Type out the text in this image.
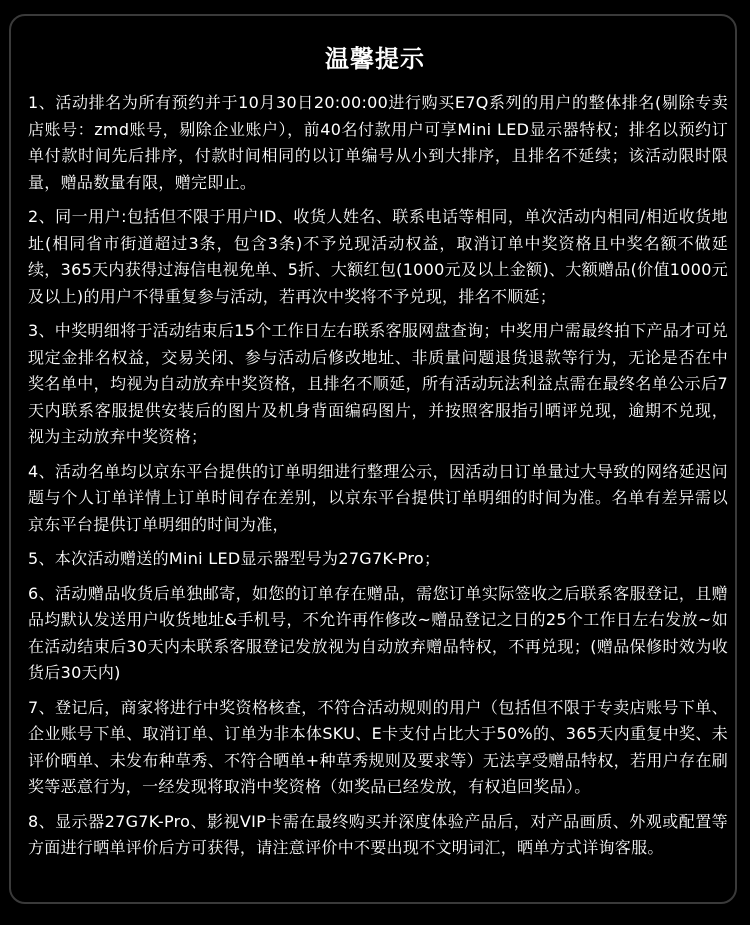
温馨提示
1、活动排名为所有预约并于10月30日20:00:00进行购买E7Q系列的用户的整体排名(剔除专卖店账号：zmd账号，剔除企业账户），前40名付款用户可享Mini LED显示器特权；排名以预约订单付款时间先后排序，付款时间相同的以订单编号从小到大排序，且排名不延续；该活动限时限量，赠品数量有限，赠完即止。
2、同一用户:包括但不限于用户ID、收货人姓名、联系电话等相同，单次活动内相同/相近收货地址(相同省市街道超过3条，包含3条)不予兑现活动权益，取消订单中奖资格且中奖名额不做延续，365天内获得过海信电视免单、5折、大额红包(1000元及以上金额)、大额赠品(价值1000元及以上)的用户不得重复参与活动，若再次中奖将不予兑现，排名不顺延；
3、中奖明细将于活动结束后15个工作日左右联系客服网盘查询；中奖用户需最终拍下产品才可兑现定金排名权益，交易关闭、参与活动后修改地址、非质量问题退货退款等行为，无论是否在中奖名单中，均视为自动放弃中奖资格，且排名不顺延，所有活动玩法利益点需在最终名单公示后7天内联系客服提供安装后的图片及机身背面编码图片，并按照客服指引晒评兑现，逾期不兑现，视为主动放弃中奖资格；
4、活动名单均以京东平台提供的订单明细进行整理公示，因活动日订单量过大导致的网络延迟问题与个人订单详情上订单时间存在差别，以京东平台提供订单明细的时间为准。名单有差异需以京东平台提供订单明细的时间为准，
5、本次活动赠送的Mini LED显示器型号为27G7K-Pro；
6、活动赠品收货后单独邮寄，如您的订单存在赠品，需您订单实际签收之后联系客服登记，且赠品均默认发送用户收货地址&手机号，不允许再作修改~赠品登记之日的25个工作日左右发放~如在活动结束后30天内未联系客服登记发放视为自动放弃赠品特权，不再兑现；(赠品保修时效为收货后30天内)
7、登记后，商家将进行中奖资格核查，不符合活动规则的用户（包括但不限于专卖店账号下单、企业账号下单、取消订单、订单为非本体SKU、E卡支付占比大于50%的、365天内重复中奖、未评价晒单、未发布种草秀、不符合晒单+种草秀规则及要求等）无法享受赠品特权，若用户存在刷奖等恶意行为，一经发现将取消中奖资格（如奖品已经发放，有权追回奖品）。
8、显示器27G7K-Pro、影视VIP卡需在最终购买并深度体验产品后，对产品画质、外观或配置等方面进行晒单评价后方可获得，请注意评价中不要出现不文明词汇，晒单方式详询客服。
